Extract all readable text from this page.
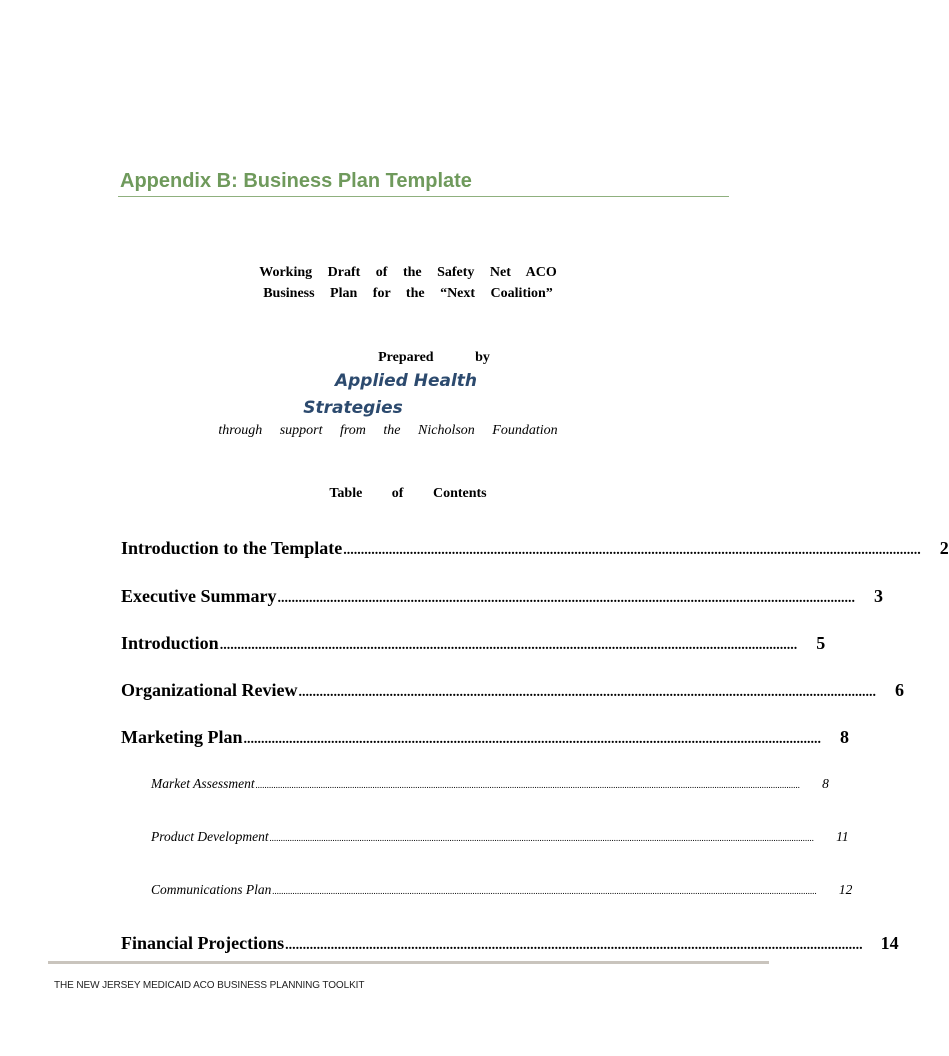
Appendix B: Business Plan Template

Working Draft of the Safety Net ACO

Business Plan for the “Next Coalition”

Prepared by

Applied Health

Strategies

through support from the Nicholson Foundation

Table of Contents

Introduction to the Template ..................................................................................................................................................................... 2
Executive Summary ..................................................................................................................................................................... 3
Introduction ..................................................................................................................................................................... 5
Organizational Review ..................................................................................................................................................................... 6
Marketing Plan ..................................................................................................................................................................... 8
Market Assessment .................................................................................................................................................................................................................................................. 8
Product Development .................................................................................................................................................................................................................................................. 11
Communications Plan .................................................................................................................................................................................................................................................. 12
Financial Projections ..................................................................................................................................................................... 14

THE NEW JERSEY MEDICAID ACO BUSINESS PLANNING TOOLKIT
